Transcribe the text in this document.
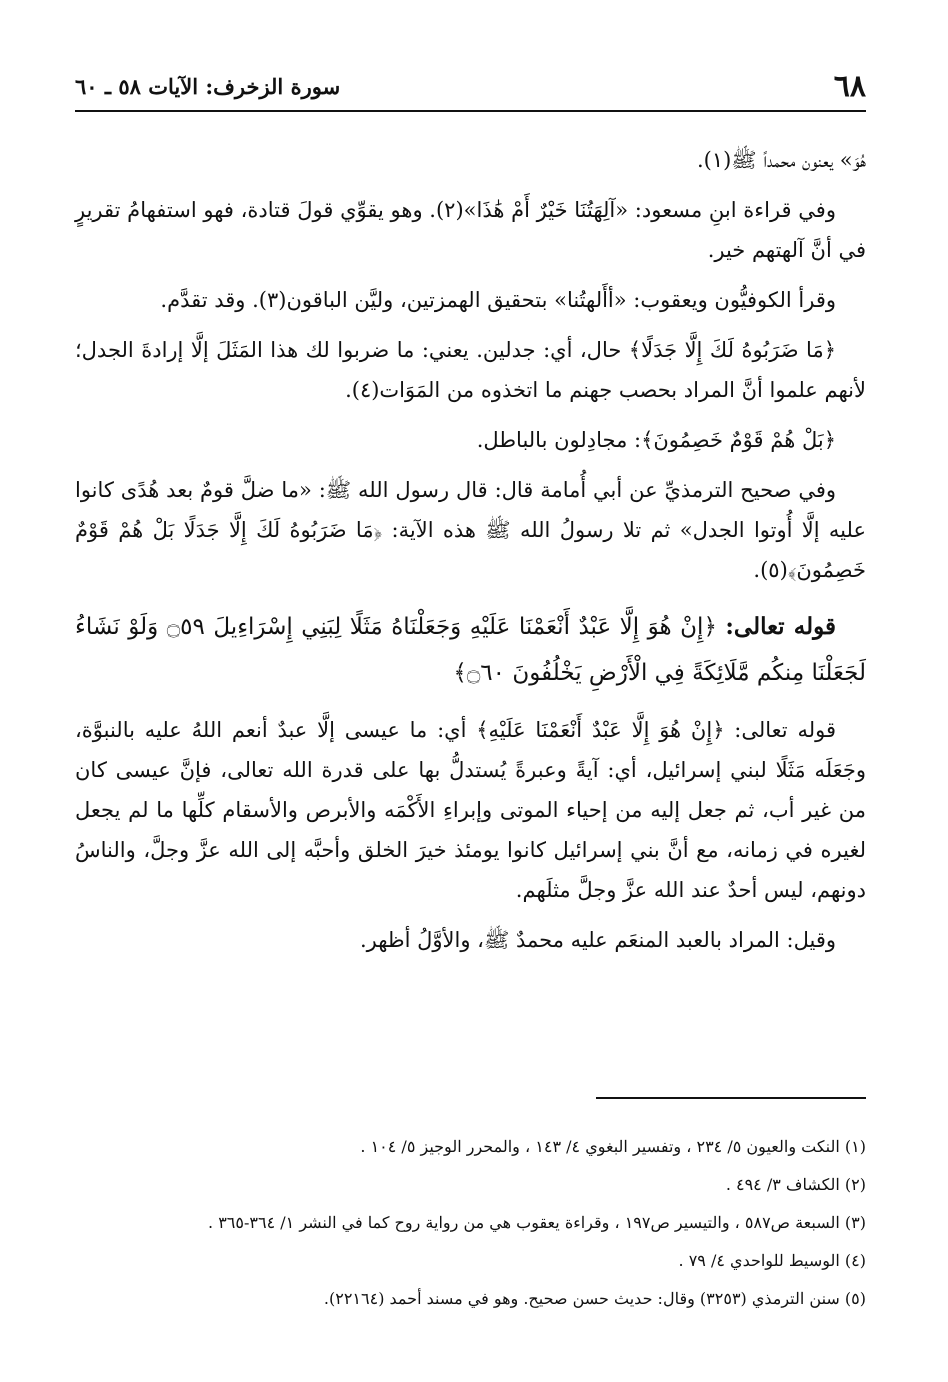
٦٨
سورة الزخرف: الآيات ٥٨ ـ ٦٠

هُوَ» يعنون محمداً ﷺ(١).

وفي قراءة ابنِ مسعود: «آلِهَتُنَا خَيْرٌ أَمْ هَٰذَا»(٢). وهو يقوِّي قولَ قتادة، فهو استفهامُ تقريرٍ في أنَّ آلهتهم خير.

وقرأ الكوفيُّون ويعقوب: «أأَلهتُنا» بتحقيق الهمزتين، وليَّن الباقون(٣). وقد تقدَّم.

﴿مَا ضَرَبُوهُ لَكَ إِلَّا جَدَلًا﴾ حال، أي: جدلين. يعني: ما ضربوا لك هذا المَثَلَ إلَّا إرادةَ الجدل؛ لأنهم علموا أنَّ المراد بحصب جهنم ما اتخذوه من المَوَات(٤).

﴿بَلْ هُمْ قَوْمٌ خَصِمُونَ﴾: مجادِلون بالباطل.

وفي صحيح الترمذيِّ عن أبي أُمامة قال: قال رسول الله ﷺ: «ما ضلَّ قومٌ بعد هُدًى كانوا عليه إلَّا أُوتوا الجدل» ثم تلا رسولُ الله ﷺ هذه الآية: ﴿مَا ضَرَبُوهُ لَكَ إِلَّا جَدَلًا بَلْ هُمْ قَوْمٌ خَصِمُونَ﴾(٥).

قوله تعالى: ﴿إِنْ هُوَ إِلَّا عَبْدٌ أَنْعَمْنَا عَلَيْهِ وَجَعَلْنَاهُ مَثَلًا لِبَنِي إِسْرَاءِيلَ ۝٥٩ وَلَوْ نَشَاءُ لَجَعَلْنَا مِنكُم مَّلَائِكَةً فِي الْأَرْضِ يَخْلُفُونَ ۝٦٠﴾

قوله تعالى: ﴿إِنْ هُوَ إِلَّا عَبْدٌ أَنْعَمْنَا عَلَيْهِ﴾ أي: ما عيسى إلَّا عبدٌ أنعم اللهُ عليه بالنبوَّة، وجَعَلَه مَثَلًا لبني إسرائيل، أي: آيةً وعبرةً يُستدلُّ بها على قدرة الله تعالى، فإنَّ عيسى كان من غير أب، ثم جعل إليه من إحياء الموتى وإبراءِ الأَكْمَه والأبرص والأسقام كلِّها ما لم يجعل لغيره في زمانه، مع أنَّ بني إسرائيل كانوا يومئذ خيرَ الخلق وأحبَّه إلى الله عزَّ وجلَّ، والناسُ دونهم، ليس أحدٌ عند الله عزَّ وجلَّ مثلَهم.

وقيل: المراد بالعبد المنعَم عليه محمدٌ ﷺ، والأوَّلُ أظهر.

(١) النكت والعيون ٥/ ٢٣٤ ، وتفسير البغوي ٤/ ١٤٣ ، والمحرر الوجيز ٥/ ١٠٤ .
(٢) الكشاف ٣/ ٤٩٤ .
(٣) السبعة ص٥٨٧ ، والتيسير ص١٩٧ ، وقراءة يعقوب هي من رواية روح كما في النشر ١/ ٣٦٤-٣٦٥ .
(٤) الوسيط للواحدي ٤/ ٧٩ .
(٥) سنن الترمذي (٣٢٥٣) وقال: حديث حسن صحيح. وهو في مسند أحمد (٢٢١٦٤).
